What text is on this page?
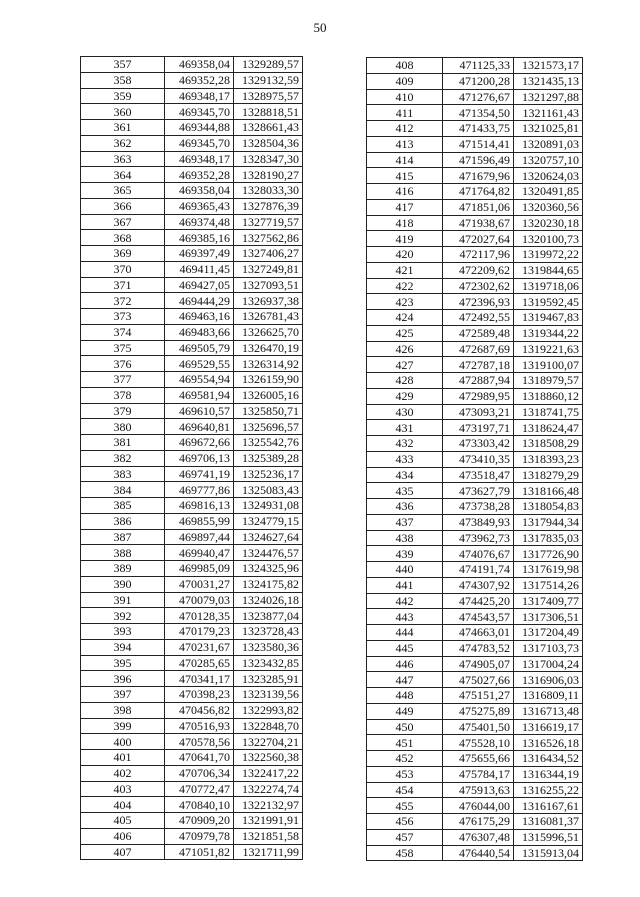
50
357	469358,04	1329289,57
358	469352,28	1329132,59
359	469348,17	1328975,57
360	469345,70	1328818,51
361	469344,88	1328661,43
362	469345,70	1328504,36
363	469348,17	1328347,30
364	469352,28	1328190,27
365	469358,04	1328033,30
366	469365,43	1327876,39
367	469374,48	1327719,57
368	469385,16	1327562,86
369	469397,49	1327406,27
370	469411,45	1327249,81
371	469427,05	1327093,51
372	469444,29	1326937,38
373	469463,16	1326781,43
374	469483,66	1326625,70
375	469505,79	1326470,19
376	469529,55	1326314,92
377	469554,94	1326159,90
378	469581,94	1326005,16
379	469610,57	1325850,71
380	469640,81	1325696,57
381	469672,66	1325542,76
382	469706,13	1325389,28
383	469741,19	1325236,17
384	469777,86	1325083,43
385	469816,13	1324931,08
386	469855,99	1324779,15
387	469897,44	1324627,64
388	469940,47	1324476,57
389	469985,09	1324325,96
390	470031,27	1324175,82
391	470079,03	1324026,18
392	470128,35	1323877,04
393	470179,23	1323728,43
394	470231,67	1323580,36
395	470285,65	1323432,85
396	470341,17	1323285,91
397	470398,23	1323139,56
398	470456,82	1322993,82
399	470516,93	1322848,70
400	470578,56	1322704,21
401	470641,70	1322560,38
402	470706,34	1322417,22
403	470772,47	1322274,74
404	470840,10	1322132,97
405	470909,20	1321991,91
406	470979,78	1321851,58
407	471051,82	1321711,99
408	471125,33	1321573,17
409	471200,28	1321435,13
410	471276,67	1321297,88
411	471354,50	1321161,43
412	471433,75	1321025,81
413	471514,41	1320891,03
414	471596,49	1320757,10
415	471679,96	1320624,03
416	471764,82	1320491,85
417	471851,06	1320360,56
418	471938,67	1320230,18
419	472027,64	1320100,73
420	472117,96	1319972,22
421	472209,62	1319844,65
422	472302,62	1319718,06
423	472396,93	1319592,45
424	472492,55	1319467,83
425	472589,48	1319344,22
426	472687,69	1319221,63
427	472787,18	1319100,07
428	472887,94	1318979,57
429	472989,95	1318860,12
430	473093,21	1318741,75
431	473197,71	1318624,47
432	473303,42	1318508,29
433	473410,35	1318393,23
434	473518,47	1318279,29
435	473627,79	1318166,48
436	473738,28	1318054,83
437	473849,93	1317944,34
438	473962,73	1317835,03
439	474076,67	1317726,90
440	474191,74	1317619,98
441	474307,92	1317514,26
442	474425,20	1317409,77
443	474543,57	1317306,51
444	474663,01	1317204,49
445	474783,52	1317103,73
446	474905,07	1317004,24
447	475027,66	1316906,03
448	475151,27	1316809,11
449	475275,89	1316713,48
450	475401,50	1316619,17
451	475528,10	1316526,18
452	475655,66	1316434,52
453	475784,17	1316344,19
454	475913,63	1316255,22
455	476044,00	1316167,61
456	476175,29	1316081,37
457	476307,48	1315996,51
458	476440,54	1315913,04
